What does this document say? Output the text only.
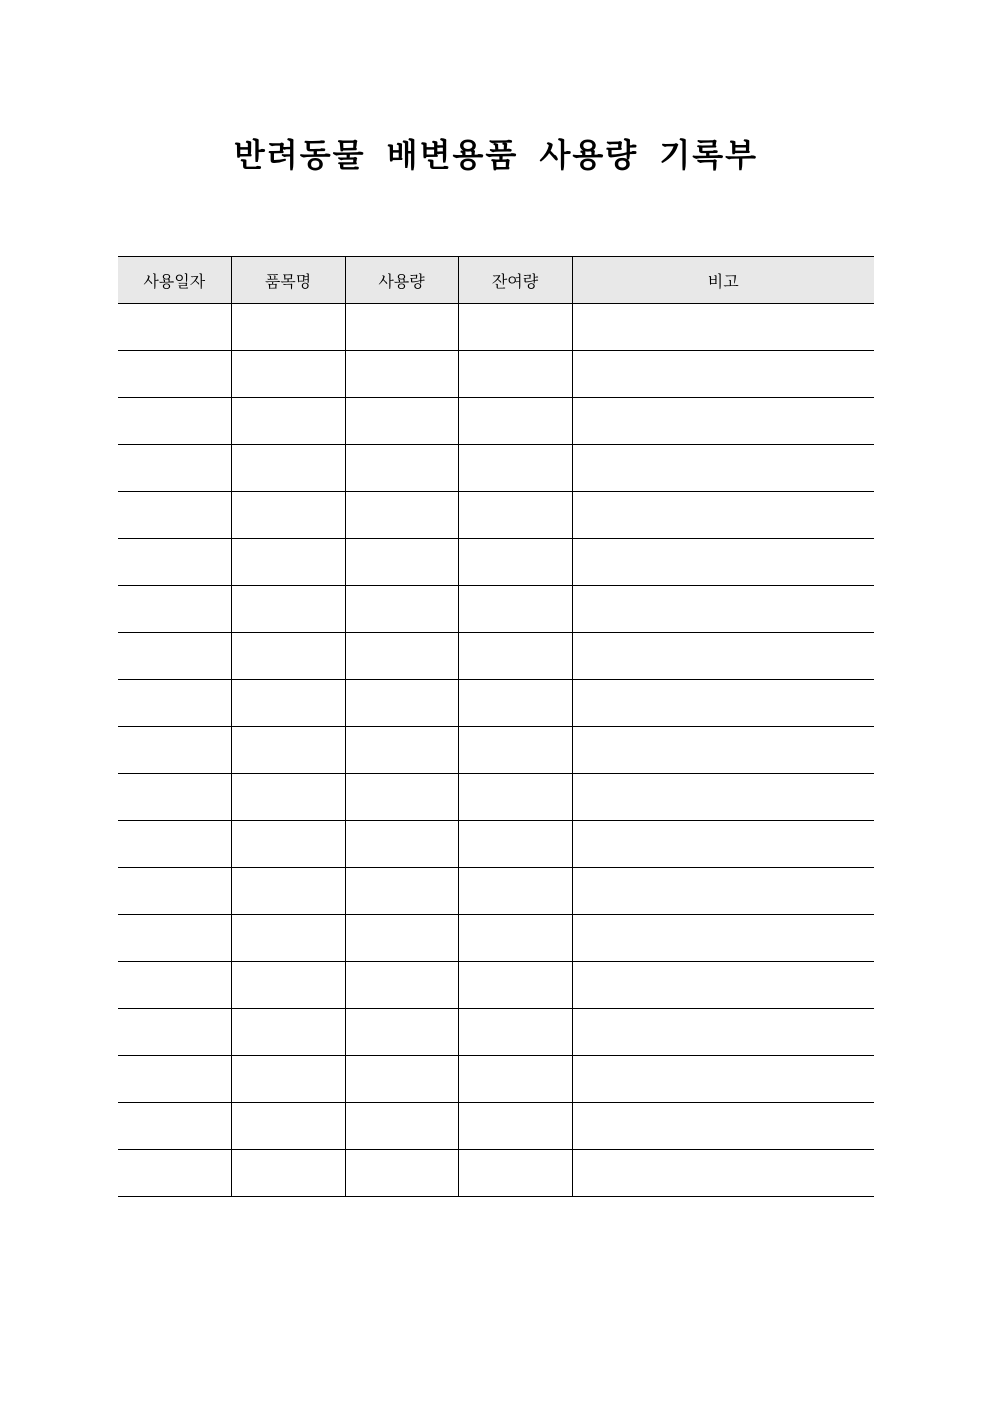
반려동물 배변용품 사용량 기록부
사용일자	품목명	사용량	잔여량	비고
